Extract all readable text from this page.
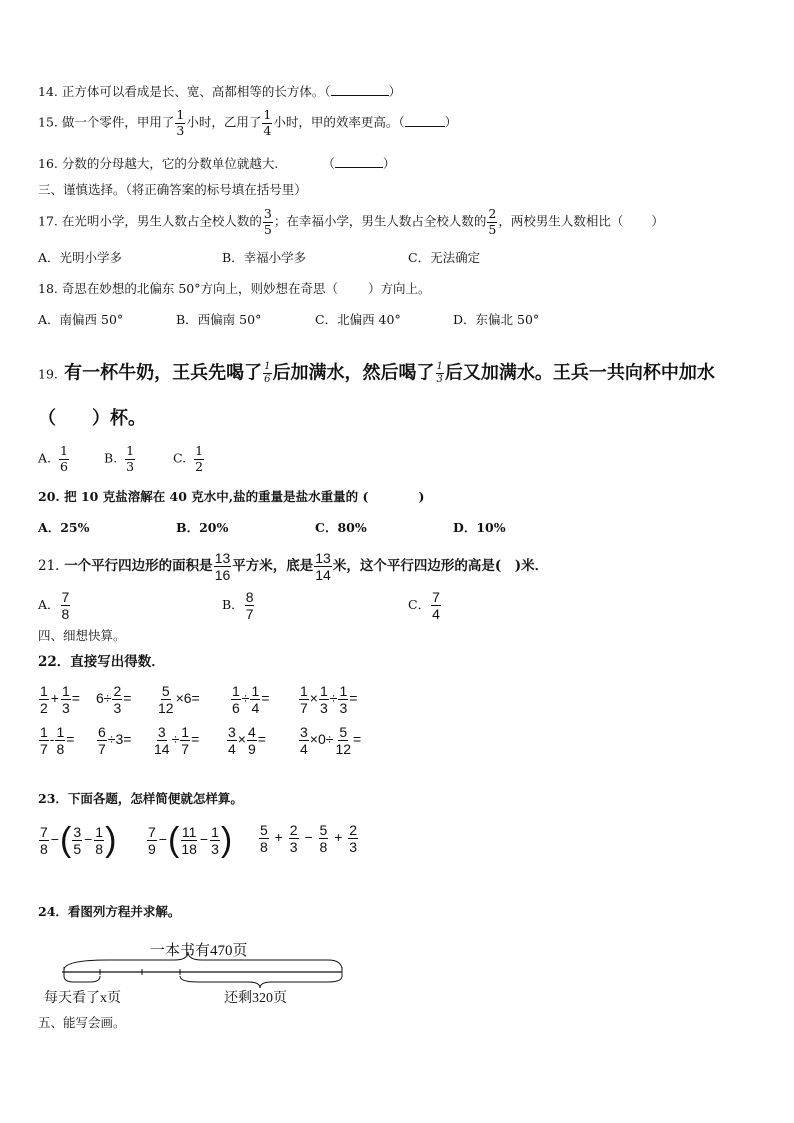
14. 正方体可以看成是长、宽、高都相等的长方体。（	）
15. 做一个零件，甲用了 $\frac{1}{3}$ 小时，乙用了 $\frac{1}{4}$ 小时，甲的效率更高。（	）
16. 分数的分母越大，它的分数单位就越大.	（	）
三、谨慎选择。（将正确答案的标号填在括号里）
17. 在光明小学，男生人数占全校人数的 $\frac{3}{5}$ ；在幸福小学，男生人数占全校人数的 $\frac{2}{5}$ ，两校男生人数相比（ ）
A．光明小学多	B．幸福小学多	C．无法确定
18. 奇思在妙想的北偏东 50°方向上，则妙想在奇思（ ）方向上。
A．南偏西 50°	B．西偏南 50°	C．北偏西 40°	D．东偏北 50°
19. 有一杯牛奶，王兵先喝了 $\frac{1}{6}$ 后加满水，然后喝了 $\frac{1}{3}$ 后又加满水。王兵一共向杯中加水
（　　）杯。
A. $\frac{1}{6}$	B. $\frac{1}{3}$	C. $\frac{1}{2}$
20. 把 10 克盐溶解在 40 克水中,盐的重量是盐水重量的 (	)
A．25%	B．20%	C．80%	D．10%
21. 一个平行四边形的面积是 $\frac{13}{16}$ 平方米，底是 $\frac{13}{14}$ 米，这个平行四边形的高是(　)米．
A． $\frac{7}{8}$	B． $\frac{8}{7}$	C． $\frac{7}{4}$
四、细想快算。
22．直接写出得数．
$\frac{1}{2} + \frac{1}{3} = 6\div \frac{2}{3} = \frac{5}{12} \times 6= \frac{1}{6} \div \frac{1}{4} = \frac{1}{7} \times \frac{1}{3} \div \frac{1}{3}$ =
$\frac{1}{7} - \frac{1}{8} = \frac{6}{7} \div 3= \frac{3}{14} \div \frac{1}{7} = \frac{3}{4} \times \frac{4}{9} = \frac{3}{4} \times 0\div \frac{5}{12}$ =
23．下面各题，怎样简便就怎样算。
$\frac{7}{8}$ −( $\frac{3}{5} - \frac{1}{8}$ ) $\frac{7}{9}$ −( $\frac{11}{18} - \frac{1}{3}$ ) $\frac{5}{8} + \frac{2}{3} - \frac{5}{8} + \frac{2}{3}$
24．看图列方程并求解。
一本书有470页
每天看了x页	还剩320页
五、能写会画。
